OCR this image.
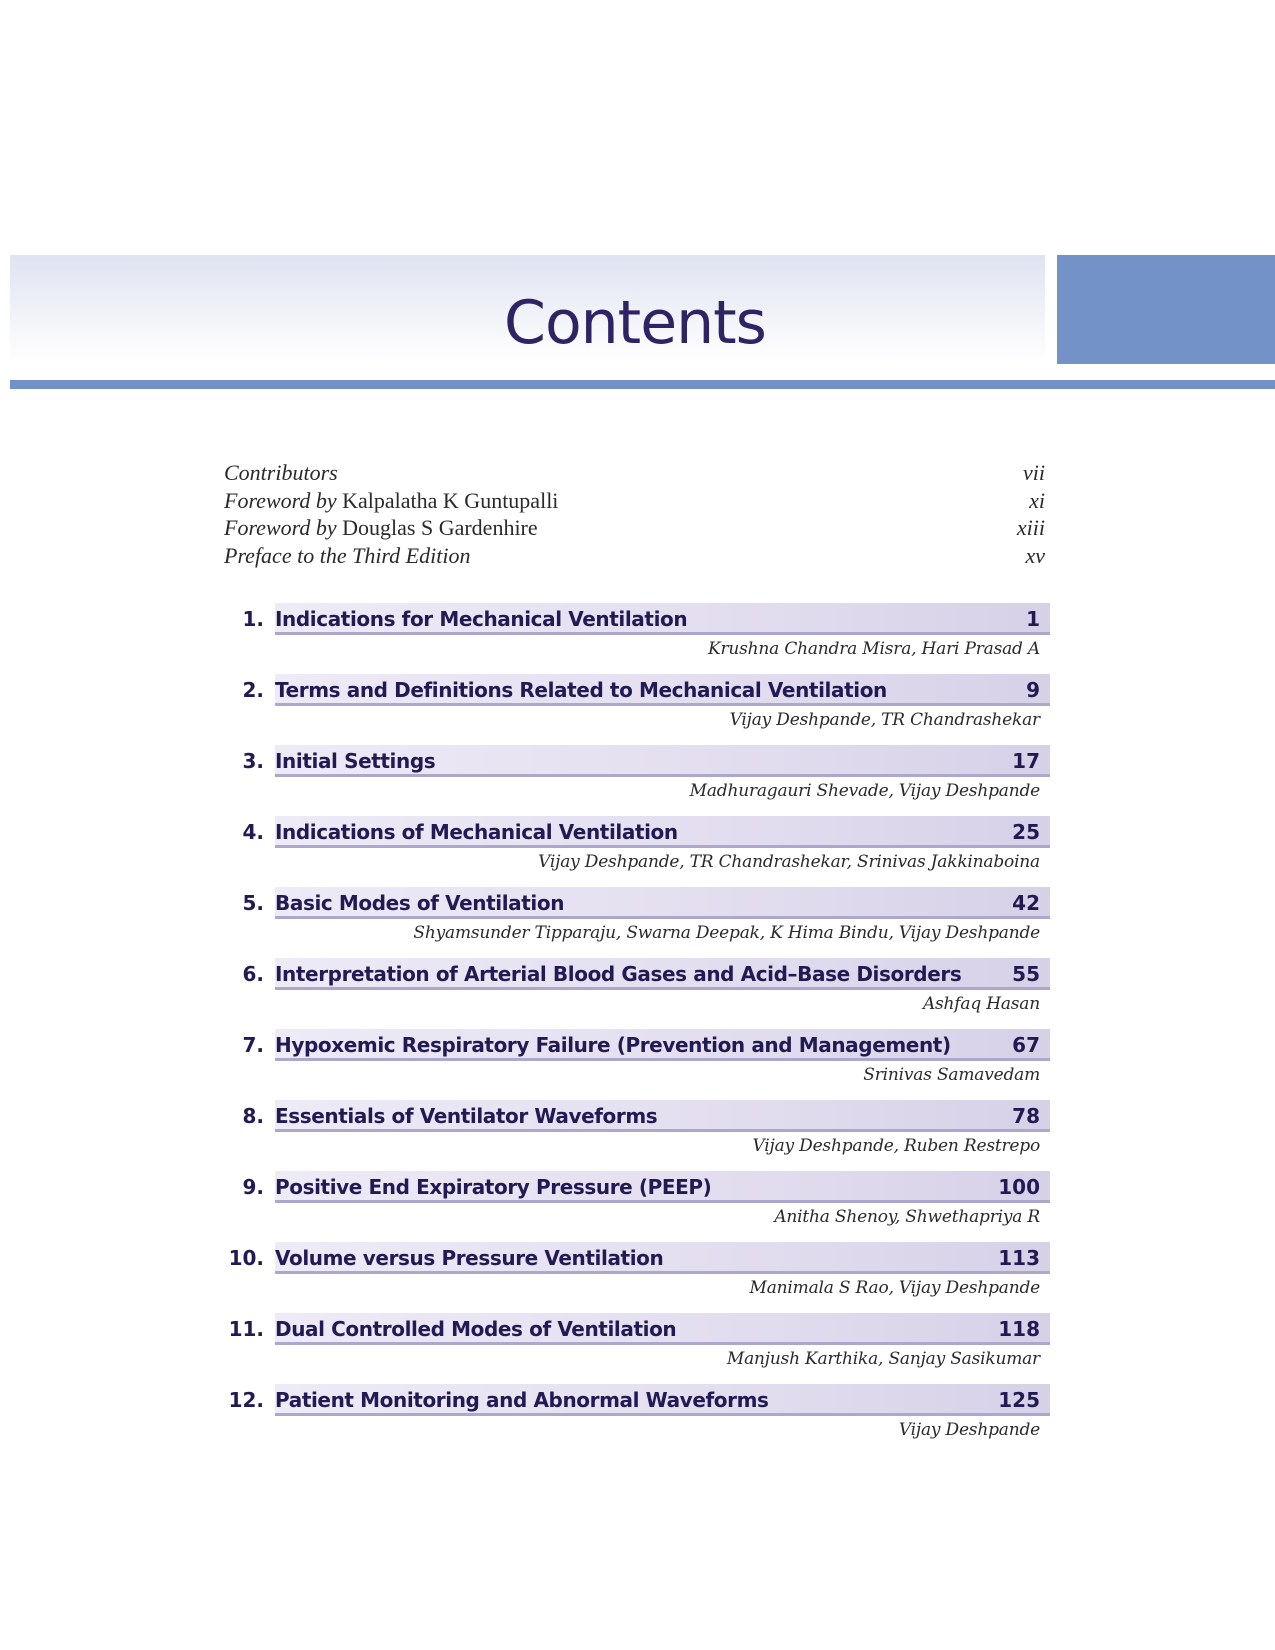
Contents
Contributors	vii
Foreword by Kalpalatha K Guntupalli	xi
Foreword by Douglas S Gardenhire	xiii
Preface to the Third Edition	xv
1. Indications for Mechanical Ventilation	1
Krushna Chandra Misra, Hari Prasad A
2. Terms and Definitions Related to Mechanical Ventilation	9
Vijay Deshpande, TR Chandrashekar
3. Initial Settings	17
Madhuragauri Shevade, Vijay Deshpande
4. Indications of Mechanical Ventilation	25
Vijay Deshpande, TR Chandrashekar, Srinivas Jakkinaboina
5. Basic Modes of Ventilation	42
Shyamsunder Tipparaju, Swarna Deepak, K Hima Bindu, Vijay Deshpande
6. Interpretation of Arterial Blood Gases and Acid–Base Disorders	55
Ashfaq Hasan
7. Hypoxemic Respiratory Failure (Prevention and Management)	67
Srinivas Samavedam
8. Essentials of Ventilator Waveforms	78
Vijay Deshpande, Ruben Restrepo
9. Positive End Expiratory Pressure (PEEP)	100
Anitha Shenoy, Shwethapriya R
10. Volume versus Pressure Ventilation	113
Manimala S Rao, Vijay Deshpande
11. Dual Controlled Modes of Ventilation	118
Manjush Karthika, Sanjay Sasikumar
12. Patient Monitoring and Abnormal Waveforms	125
Vijay Deshpande
